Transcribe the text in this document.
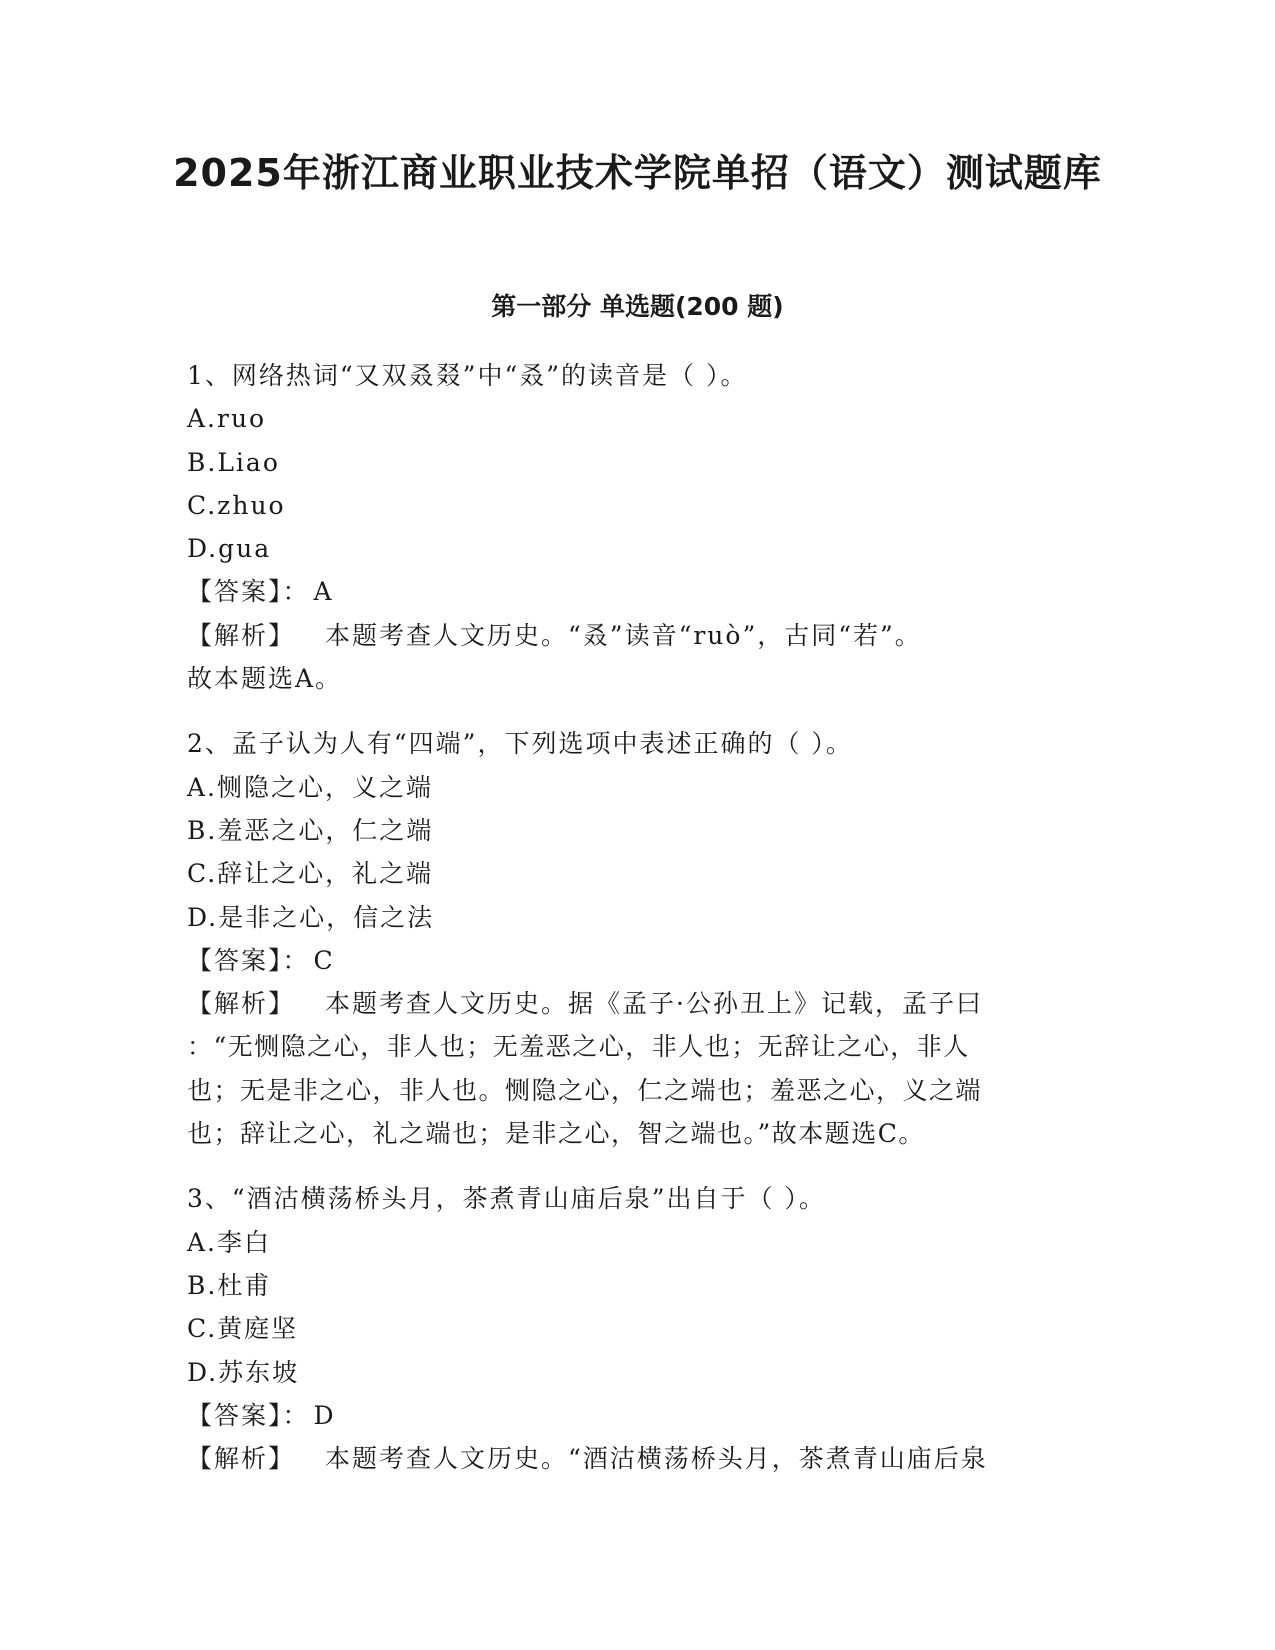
2025年浙江商业职业技术学院单招（语文）测试题库
第一部分 单选题(200 题)
1、网络热词“又双叒叕”中“叒”的读音是（ ）。
A.ruo
B.Liao
C.zhuo
D.gua
【答案】： A
【解析】 本题考查人文历史。“叒”读音“ruò”，古同“若”。
故本题选A。
2、孟子认为人有“四端”，下列选项中表述正确的（ ）。
A.恻隐之心，义之端
B.羞恶之心，仁之端
C.辞让之心，礼之端
D.是非之心，信之法
【答案】： C
【解析】 本题考查人文历史。据《孟子·公孙丑上》记载，孟子曰
：“无恻隐之心，非人也；无羞恶之心，非人也；无辞让之心，非人
也；无是非之心，非人也。恻隐之心，仁之端也；羞恶之心，义之端
也；辞让之心，礼之端也；是非之心，智之端也。”故本题选C。
3、“酒沽横荡桥头月，茶煮青山庙后泉”出自于（ ）。
A.李白
B.杜甫
C.黄庭坚
D.苏东坡
【答案】： D
【解析】 本题考查人文历史。“酒沽横荡桥头月，茶煮青山庙后泉
